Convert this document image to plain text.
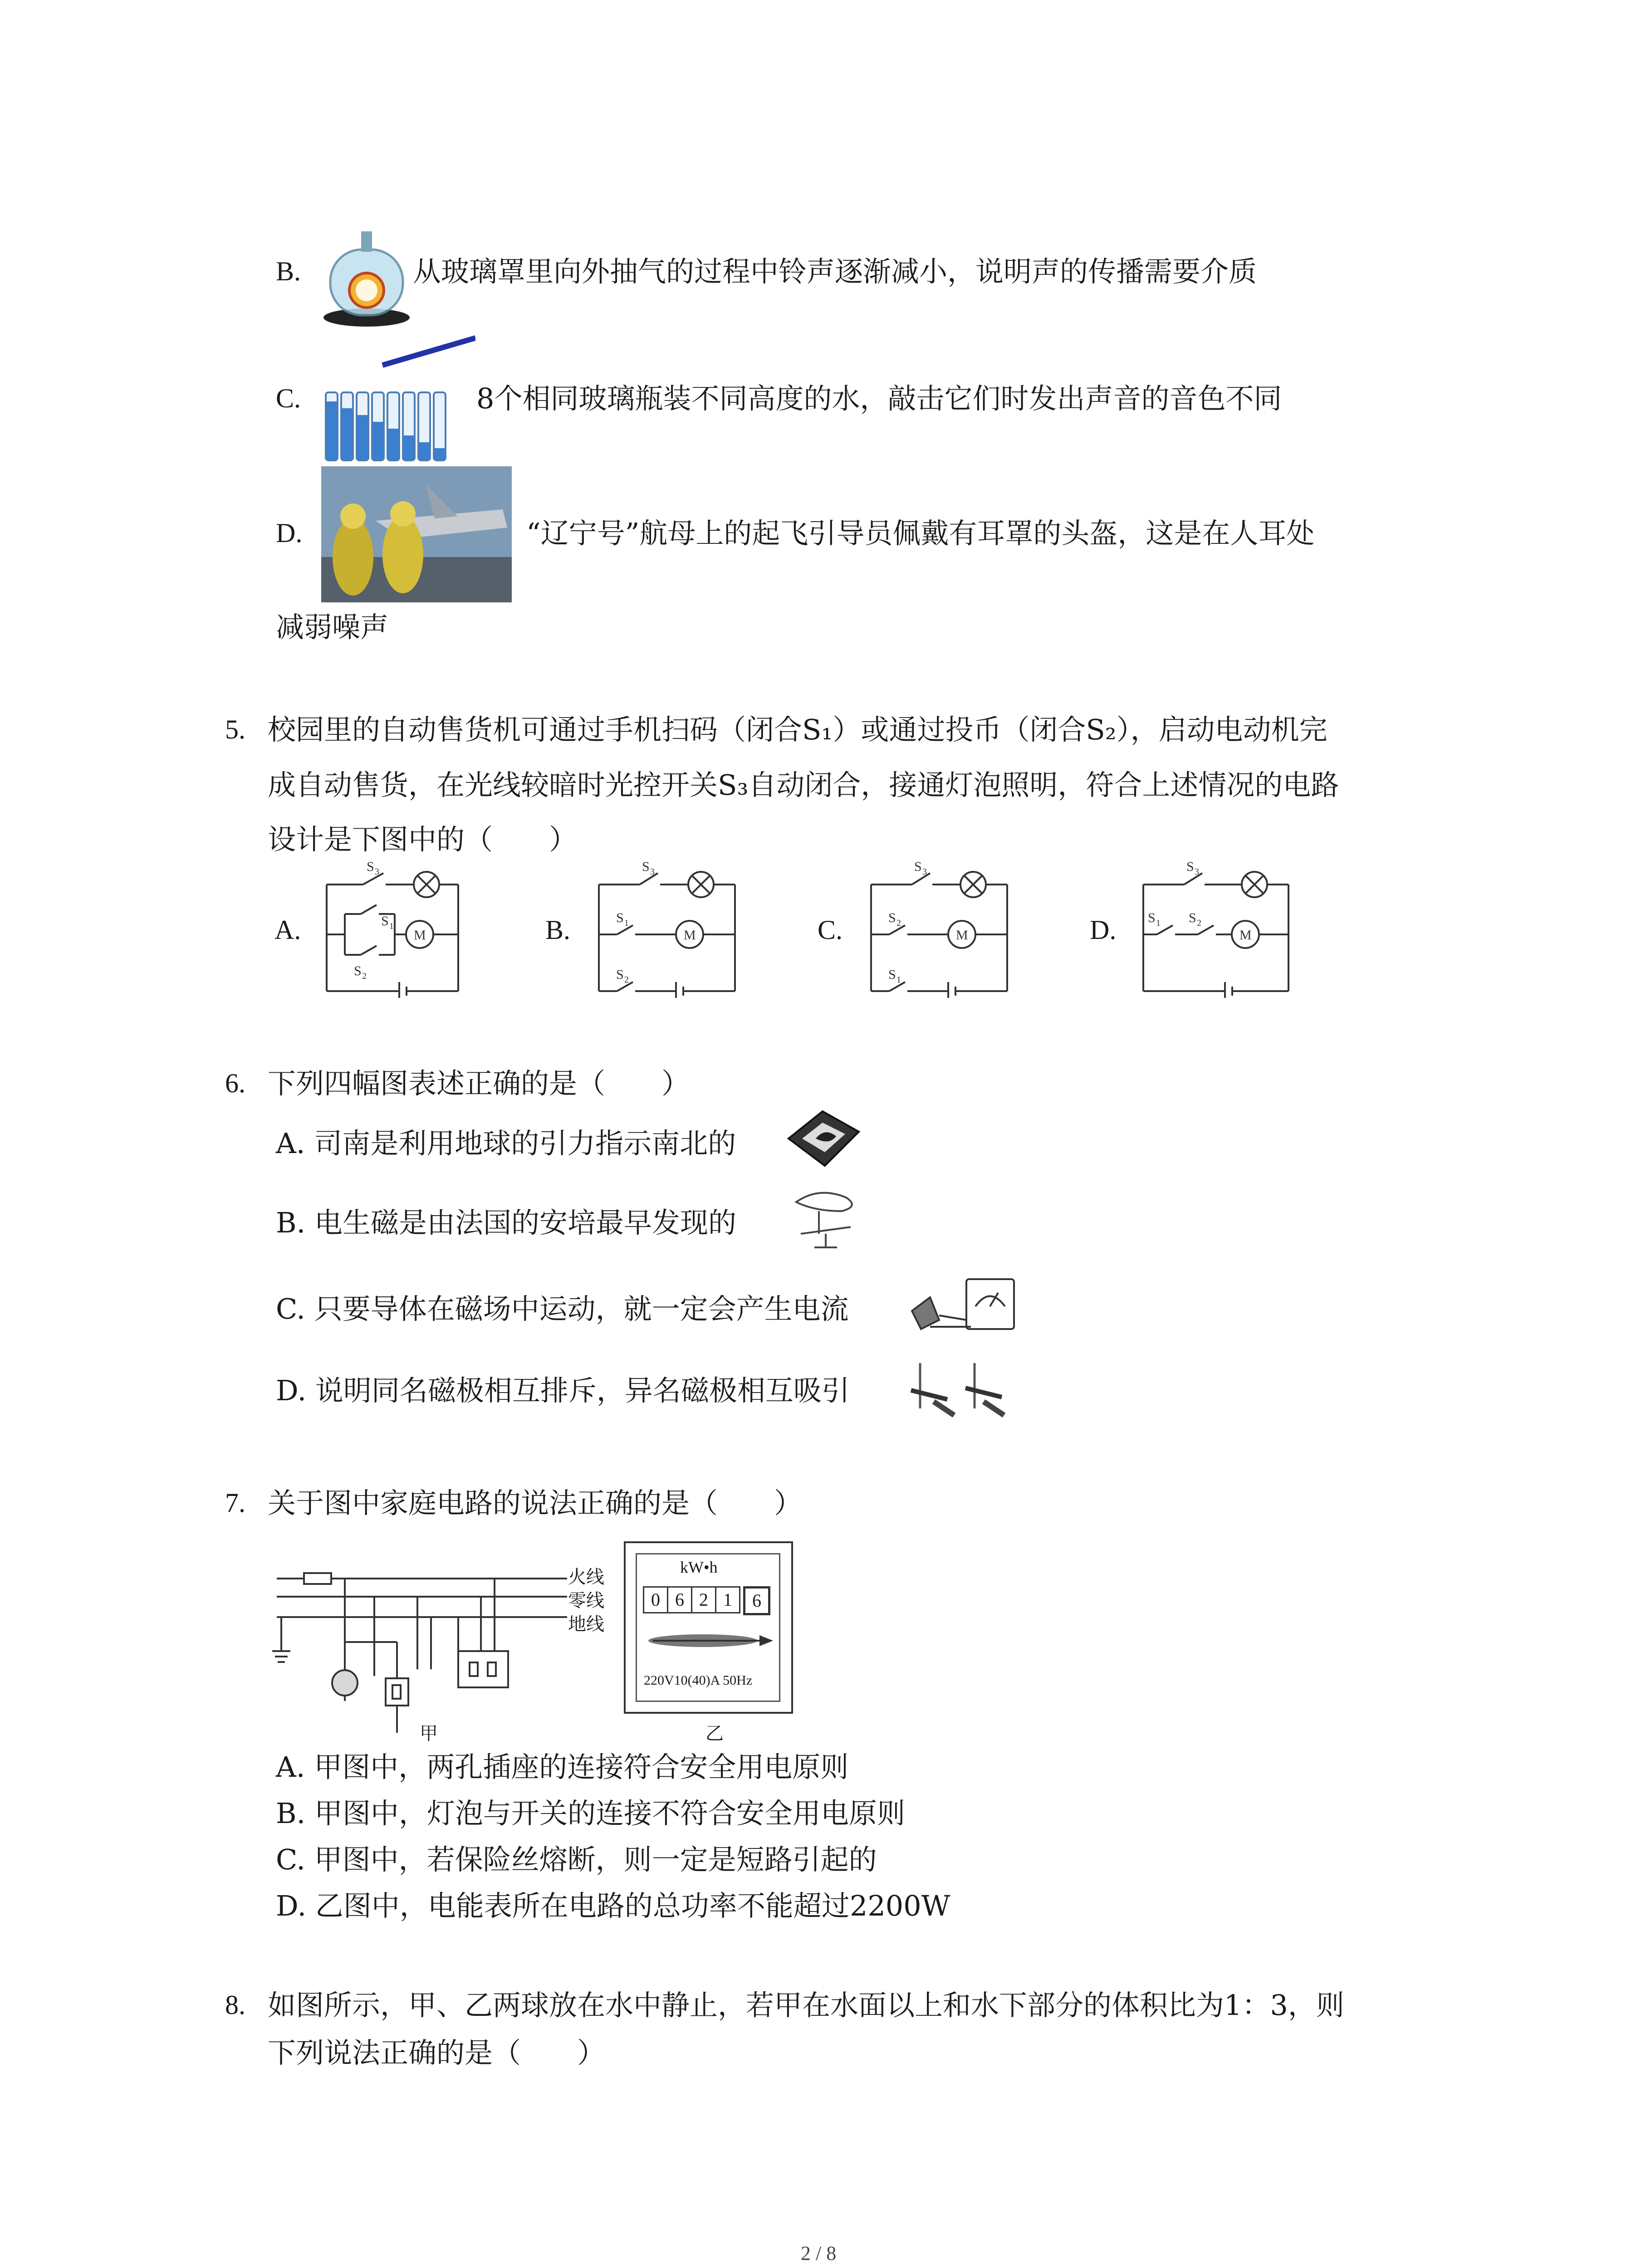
B.	从玻璃罩里向外抽气的过程中铃声逐渐减小，说明声的传播需要介质
C.	8个相同玻璃瓶装不同高度的水，敲击它们时发出声音的音色不同
D.	“辽宁号”航母上的起飞引导员佩戴有耳罩的头盔，这是在人耳处
减弱噪声
5. 校园里的自动售货机可通过手机扫码（闭合S₁）或通过投币（闭合S₂），启动电动机完
成自动售货，在光线较暗时光控开关S₃自动闭合，接通灯泡照明，符合上述情况的电路
设计是下图中的（　　）
A.
S 3
S 1
S 2
M	B.
S 3
S 1
S 2
M	C.
S 3
S 2
S 1
M	D.
S 3
S 1 S 2
M
6. 下列四幅图表述正确的是（　　）
A. 司南是利用地球的引力指示南北的
B. 电生磁是由法国的安培最早发现的
C. 只要导体在磁场中运动，就一定会产生电流
D. 说明同名磁极相互排斥，异名磁极相互吸引
7. 关于图中家庭电路的说法正确的是（　　）
火线
零线
地线
甲
kW•h
0 6 2 1	6
220V10(40)A 50Hz
乙
A. 甲图中，两孔插座的连接符合安全用电原则
B. 甲图中，灯泡与开关的连接不符合安全用电原则
C. 甲图中，若保险丝熔断，则一定是短路引起的
D. 乙图中，电能表所在电路的总功率不能超过2200W
8. 如图所示，甲、乙两球放在水中静止，若甲在水面以上和水下部分的体积比为1：3，则
下列说法正确的是（　　）
2 / 8
